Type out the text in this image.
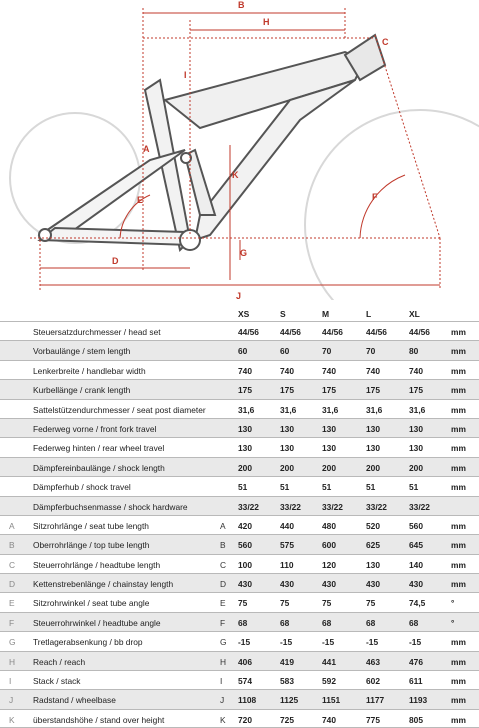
B
H
C
I
A
K
E	F
G
D
J
XS	S	M	L	XL
Steuersatzdurchmesser / head set	44/56	44/56	44/56	44/56	44/56	mm
Vorbaulänge / stem length	60	60	70	70	80	mm
Lenkerbreite / handlebar width	740	740	740	740	740	mm
Kurbellänge / crank length	175	175	175	175	175	mm
Sattelstützendurchmesser / seat post diameter	31,6	31,6	31,6	31,6	31,6	mm
Federweg vorne / front fork travel	130	130	130	130	130	mm
Federweg hinten / rear wheel travel	130	130	130	130	130	mm
Dämpfereinbaulänge / shock length	200	200	200	200	200	mm
Dämpferhub / shock travel	51	51	51	51	51	mm
Dämpferbuchsenmasse / shock hardware	33/22	33/22	33/22	33/22	33/22
A Sitzrohrlänge / seat tube length	A 420	440	480	520	560	mm
B Oberrohrlänge / top tube length	B 560	575	600	625	645	mm
C Steuerrohrlänge / headtube length	C 100	110	120	130	140	mm
D Kettenstrebenlänge / chainstay length	D 430	430	430	430	430	mm
E Sitzrohrwinkel / seat tube angle	E 75	75	75	75	74,5	°
F Steuerrohrwinkel / headtube angle	F 68	68	68	68	68	°
G Tretlagerabsenkung / bb drop	G -15	-15	-15	-15	-15	mm
H Reach / reach	H 406	419	441	463	476	mm
I	Stack / stack	I 574	583	592	602	611	mm
J Radstand / wheelbase	J 1108	1125	1151	1177	1193	mm
K überstandshöhe / stand over height	K 720	725	740	775	805	mm
